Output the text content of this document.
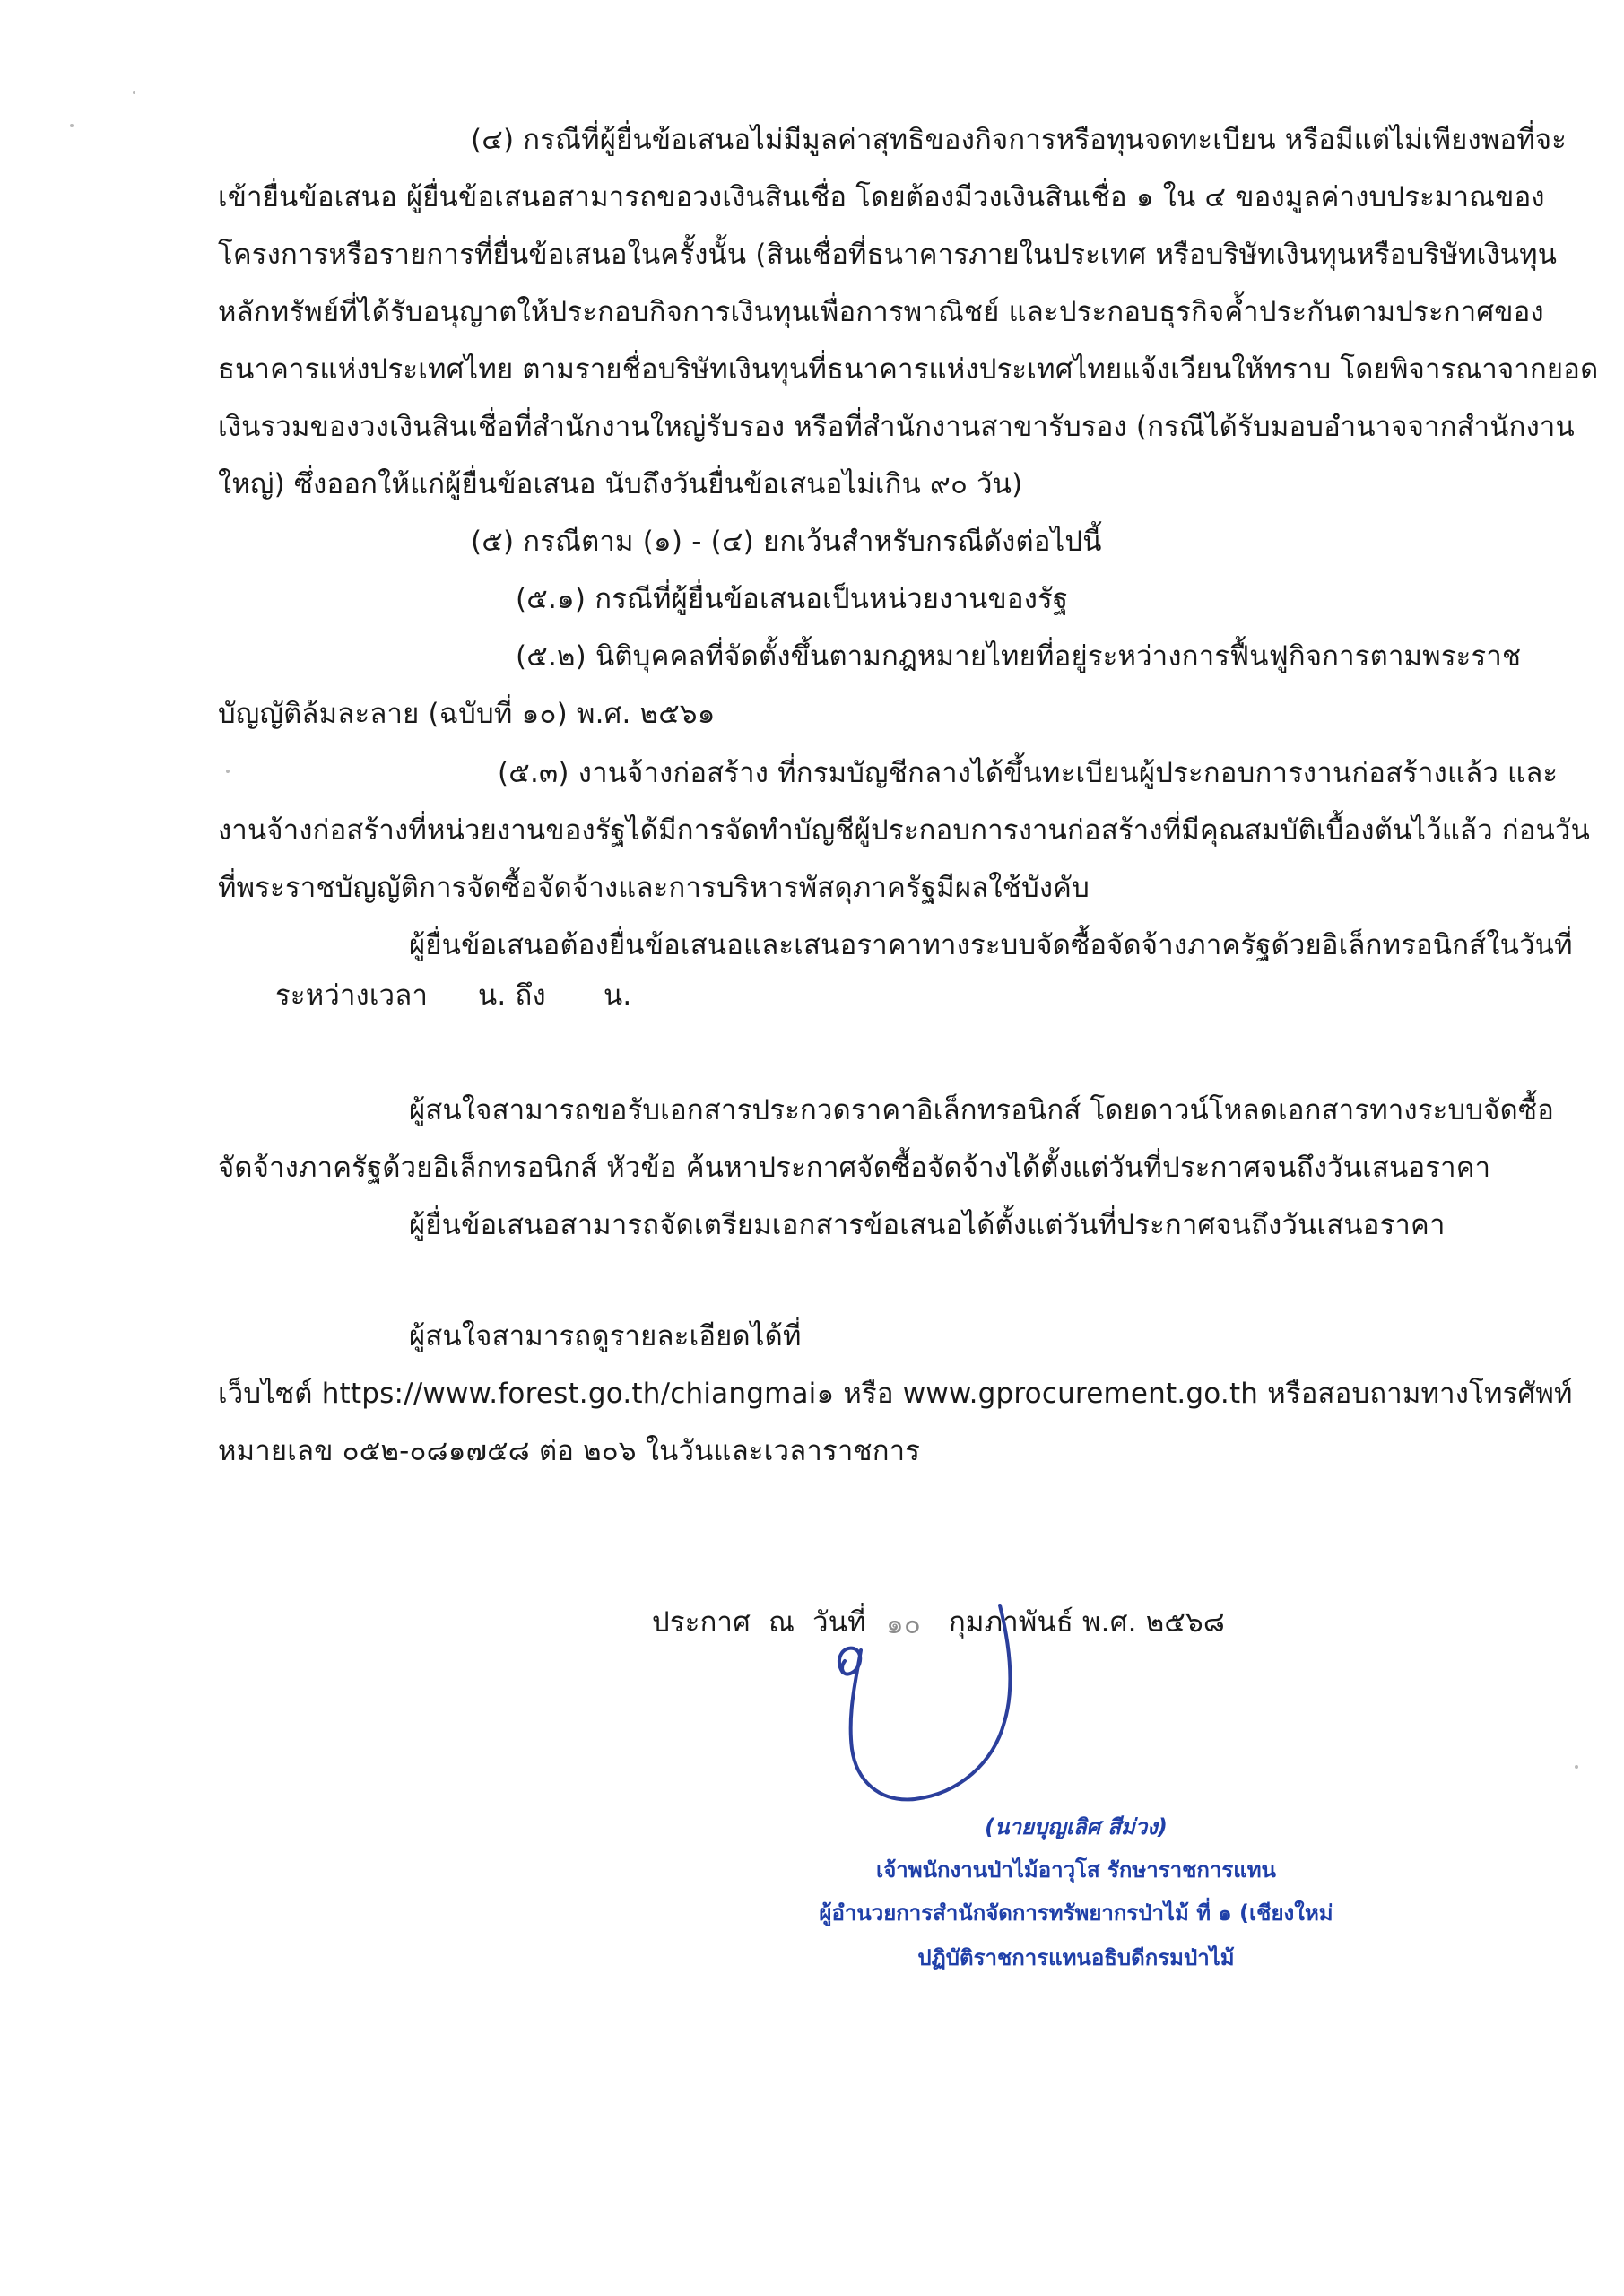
(๔) กรณีที่ผู้ยื่นข้อเสนอไม่มีมูลค่าสุทธิของกิจการหรือทุนจดทะเบียน หรือมีแต่ไม่เพียงพอที่จะ
เข้ายื่นข้อเสนอ ผู้ยื่นข้อเสนอสามารถขอวงเงินสินเชื่อ โดยต้องมีวงเงินสินเชื่อ ๑ ใน ๔ ของมูลค่างบประมาณของ
โครงการหรือรายการที่ยื่นข้อเสนอในครั้งนั้น (สินเชื่อที่ธนาคารภายในประเทศ หรือบริษัทเงินทุนหรือบริษัทเงินทุน
หลักทรัพย์ที่ได้รับอนุญาตให้ประกอบกิจการเงินทุนเพื่อการพาณิชย์ และประกอบธุรกิจค้ำประกันตามประกาศของ
ธนาคารแห่งประเทศไทย ตามรายชื่อบริษัทเงินทุนที่ธนาคารแห่งประเทศไทยแจ้งเวียนให้ทราบ โดยพิจารณาจากยอด
เงินรวมของวงเงินสินเชื่อที่สำนักงานใหญ่รับรอง หรือที่สำนักงานสาขารับรอง (กรณีได้รับมอบอำนาจจากสำนักงาน
ใหญ่) ซึ่งออกให้แก่ผู้ยื่นข้อเสนอ นับถึงวันยื่นข้อเสนอไม่เกิน ๙๐ วัน)
(๕) กรณีตาม (๑) - (๔) ยกเว้นสำหรับกรณีดังต่อไปนี้
(๕.๑) กรณีที่ผู้ยื่นข้อเสนอเป็นหน่วยงานของรัฐ
(๕.๒) นิติบุคคลที่จัดตั้งขึ้นตามกฎหมายไทยที่อยู่ระหว่างการฟื้นฟูกิจการตามพระราช
บัญญัติล้มละลาย (ฉบับที่ ๑๐) พ.ศ. ๒๕๖๑
(๕.๓) งานจ้างก่อสร้าง ที่กรมบัญชีกลางได้ขึ้นทะเบียนผู้ประกอบการงานก่อสร้างแล้ว และ
งานจ้างก่อสร้างที่หน่วยงานของรัฐได้มีการจัดทำบัญชีผู้ประกอบการงานก่อสร้างที่มีคุณสมบัติเบื้องต้นไว้แล้ว ก่อนวัน
ที่พระราชบัญญัติการจัดซื้อจัดจ้างและการบริหารพัสดุภาครัฐมีผลใช้บังคับ
ผู้ยื่นข้อเสนอต้องยื่นข้อเสนอและเสนอราคาทางระบบจัดซื้อจัดจ้างภาครัฐด้วยอิเล็กทรอนิกส์ในวันที่
ระหว่างเวลา น. ถึง น.
ผู้สนใจสามารถขอรับเอกสารประกวดราคาอิเล็กทรอนิกส์ โดยดาวน์โหลดเอกสารทางระบบจัดซื้อ
จัดจ้างภาครัฐด้วยอิเล็กทรอนิกส์ หัวข้อ ค้นหาประกาศจัดซื้อจัดจ้างได้ตั้งแต่วันที่ประกาศจนถึงวันเสนอราคา
ผู้ยื่นข้อเสนอสามารถจัดเตรียมเอกสารข้อเสนอได้ตั้งแต่วันที่ประกาศจนถึงวันเสนอราคา
ผู้สนใจสามารถดูรายละเอียดได้ที่
เว็บไซต์ https://www.forest.go.th/chiangmai๑ หรือ www.gprocurement.go.th หรือสอบถามทางโทรศัพท์
หมายเลข ๐๕๒-๐๘๑๗๕๘ ต่อ ๒๐๖ ในวันและเวลาราชการ
ประกาศ ณ วันที่ ๑๐ กุมภาพันธ์ พ.ศ. ๒๕๖๘
(นายบุญเลิศ สีม่วง)
เจ้าพนักงานป่าไม้อาวุโส รักษาราชการแทน
ผู้อำนวยการสำนักจัดการทรัพยากรป่าไม้ ที่ ๑ (เชียงใหม่
ปฏิบัติราชการแทนอธิบดีกรมป่าไม้
